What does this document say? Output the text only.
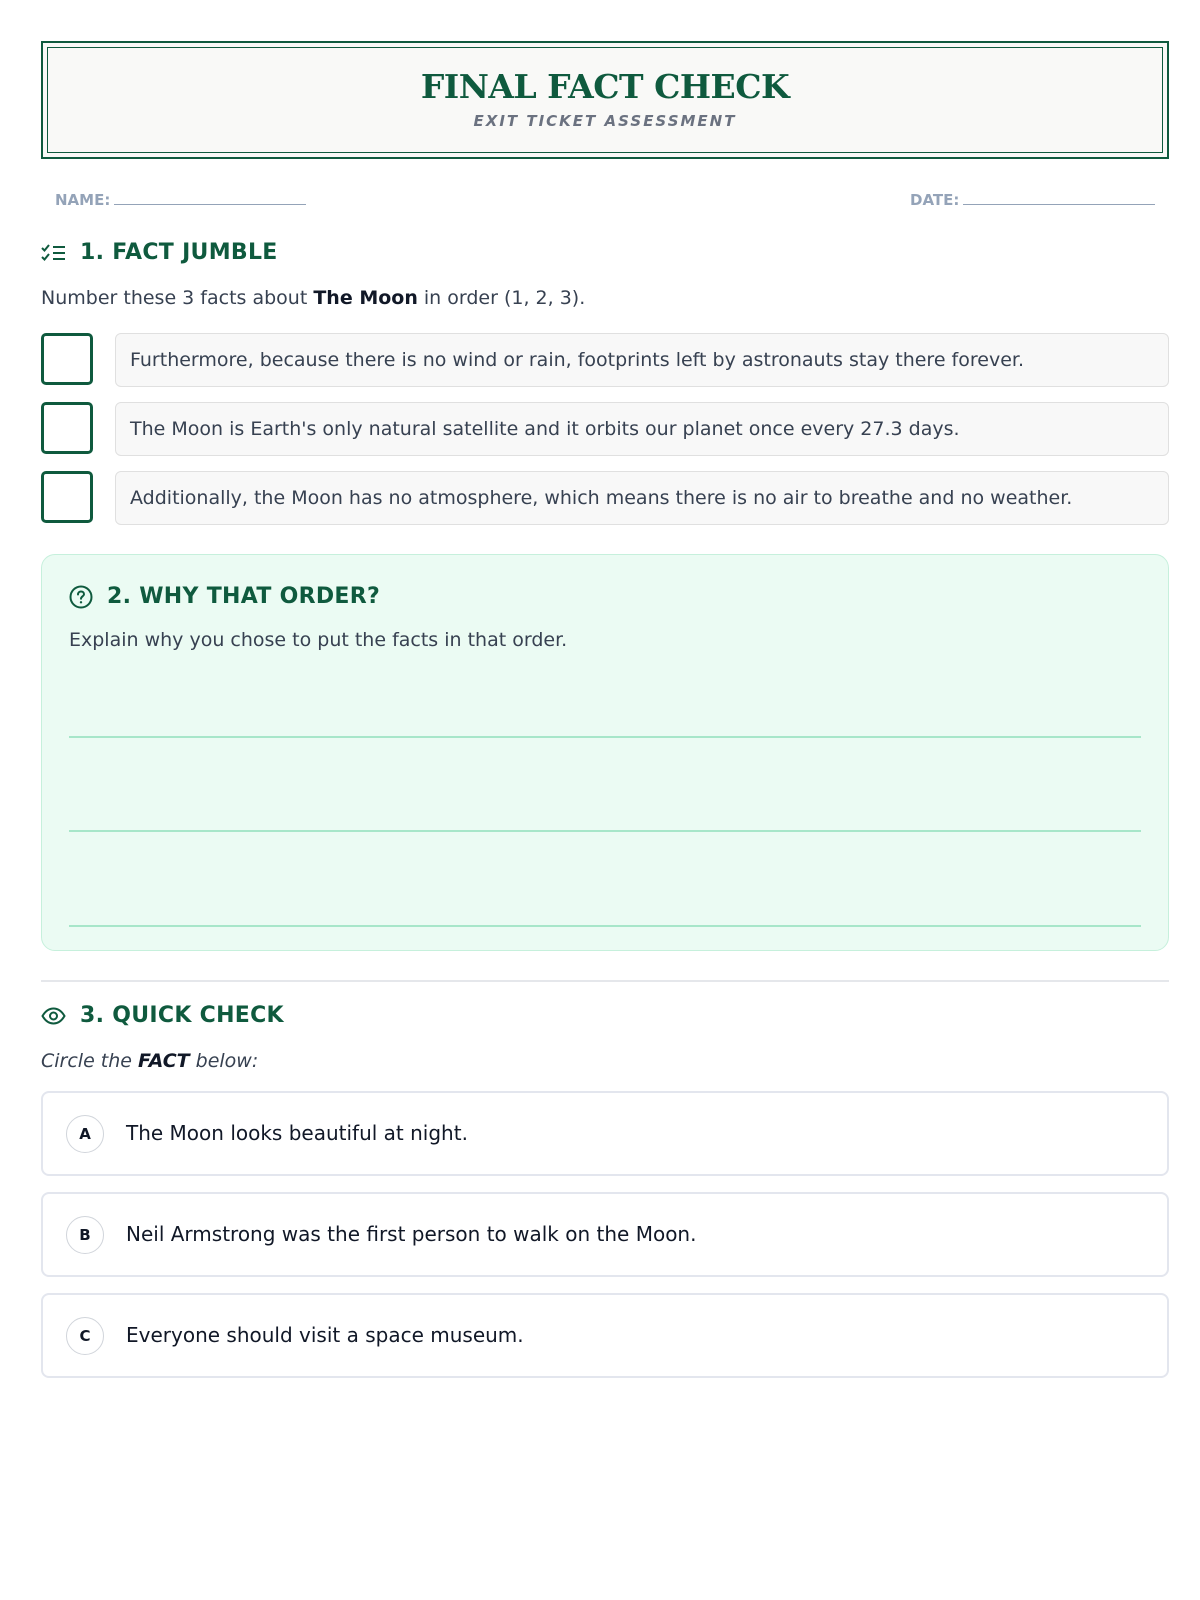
FINAL FACT CHECK
EXIT TICKET ASSESSMENT
NAME:	DATE:
1. FACT JUMBLE
Number these 3 facts about The Moon in order (1, 2, 3).
Furthermore, because there is no wind or rain, footprints left by astronauts stay there forever.
The Moon is Earth's only natural satellite and it orbits our planet once every 27.3 days.
Additionally, the Moon has no atmosphere, which means there is no air to breathe and no weather.
2. WHY THAT ORDER?
Explain why you chose to put the facts in that order.
3. QUICK CHECK
Circle the FACT below:
A	The Moon looks beautiful at night.
B	Neil Armstrong was the first person to walk on the Moon.
C	Everyone should visit a space museum.
